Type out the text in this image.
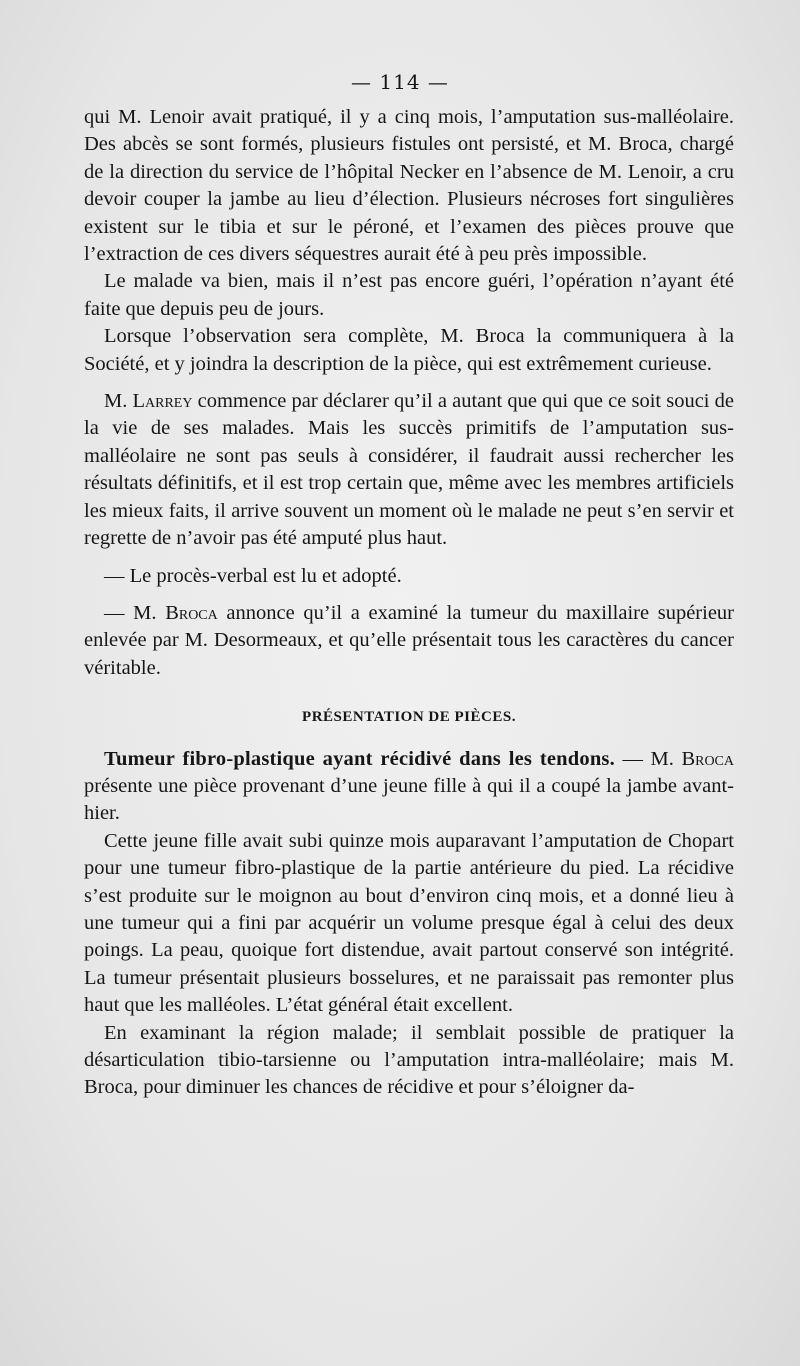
— 114 —

qui M. Lenoir avait pratiqué, il y a cinq mois, l’amputation sus-malléolaire. Des abcès se sont formés, plusieurs fistules ont persisté, et M. Broca, chargé de la direction du service de l’hôpital Necker en l’absence de M. Lenoir, a cru devoir couper la jambe au lieu d’élection. Plusieurs nécroses fort singulières existent sur le tibia et sur le péroné, et l’examen des pièces prouve que l’extraction de ces divers séquestres aurait été à peu près impossible.

Le malade va bien, mais il n’est pas encore guéri, l’opération n’ayant été faite que depuis peu de jours.

Lorsque l’observation sera complète, M. Broca la communiquera à la Société, et y joindra la description de la pièce, qui est extrêmement curieuse.

M. Larrey commence par déclarer qu’il a autant que qui que ce soit souci de la vie de ses malades. Mais les succès primitifs de l’amputation sus-malléolaire ne sont pas seuls à considérer, il faudrait aussi rechercher les résultats définitifs, et il est trop certain que, même avec les membres artificiels les mieux faits, il arrive souvent un moment où le malade ne peut s’en servir et regrette de n’avoir pas été amputé plus haut.

— Le procès-verbal est lu et adopté.

— M. Broca annonce qu’il a examiné la tumeur du maxillaire supérieur enlevée par M. Desormeaux, et qu’elle présentait tous les caractères du cancer véritable.

PRÉSENTATION DE PIÈCES.

Tumeur fibro-plastique ayant récidivé dans les tendons. — M. Broca présente une pièce provenant d’une jeune fille à qui il a coupé la jambe avant-hier.

Cette jeune fille avait subi quinze mois auparavant l’amputation de Chopart pour une tumeur fibro-plastique de la partie antérieure du pied. La récidive s’est produite sur le moignon au bout d’environ cinq mois, et a donné lieu à une tumeur qui a fini par acquérir un volume presque égal à celui des deux poings. La peau, quoique fort distendue, avait partout conservé son intégrité. La tumeur présentait plusieurs bosselures, et ne paraissait pas remonter plus haut que les malléoles. L’état général était excellent.

En examinant la région malade; il semblait possible de pratiquer la désarticulation tibio-tarsienne ou l’amputation intra-malléolaire; mais M. Broca, pour diminuer les chances de récidive et pour s’éloigner da-
